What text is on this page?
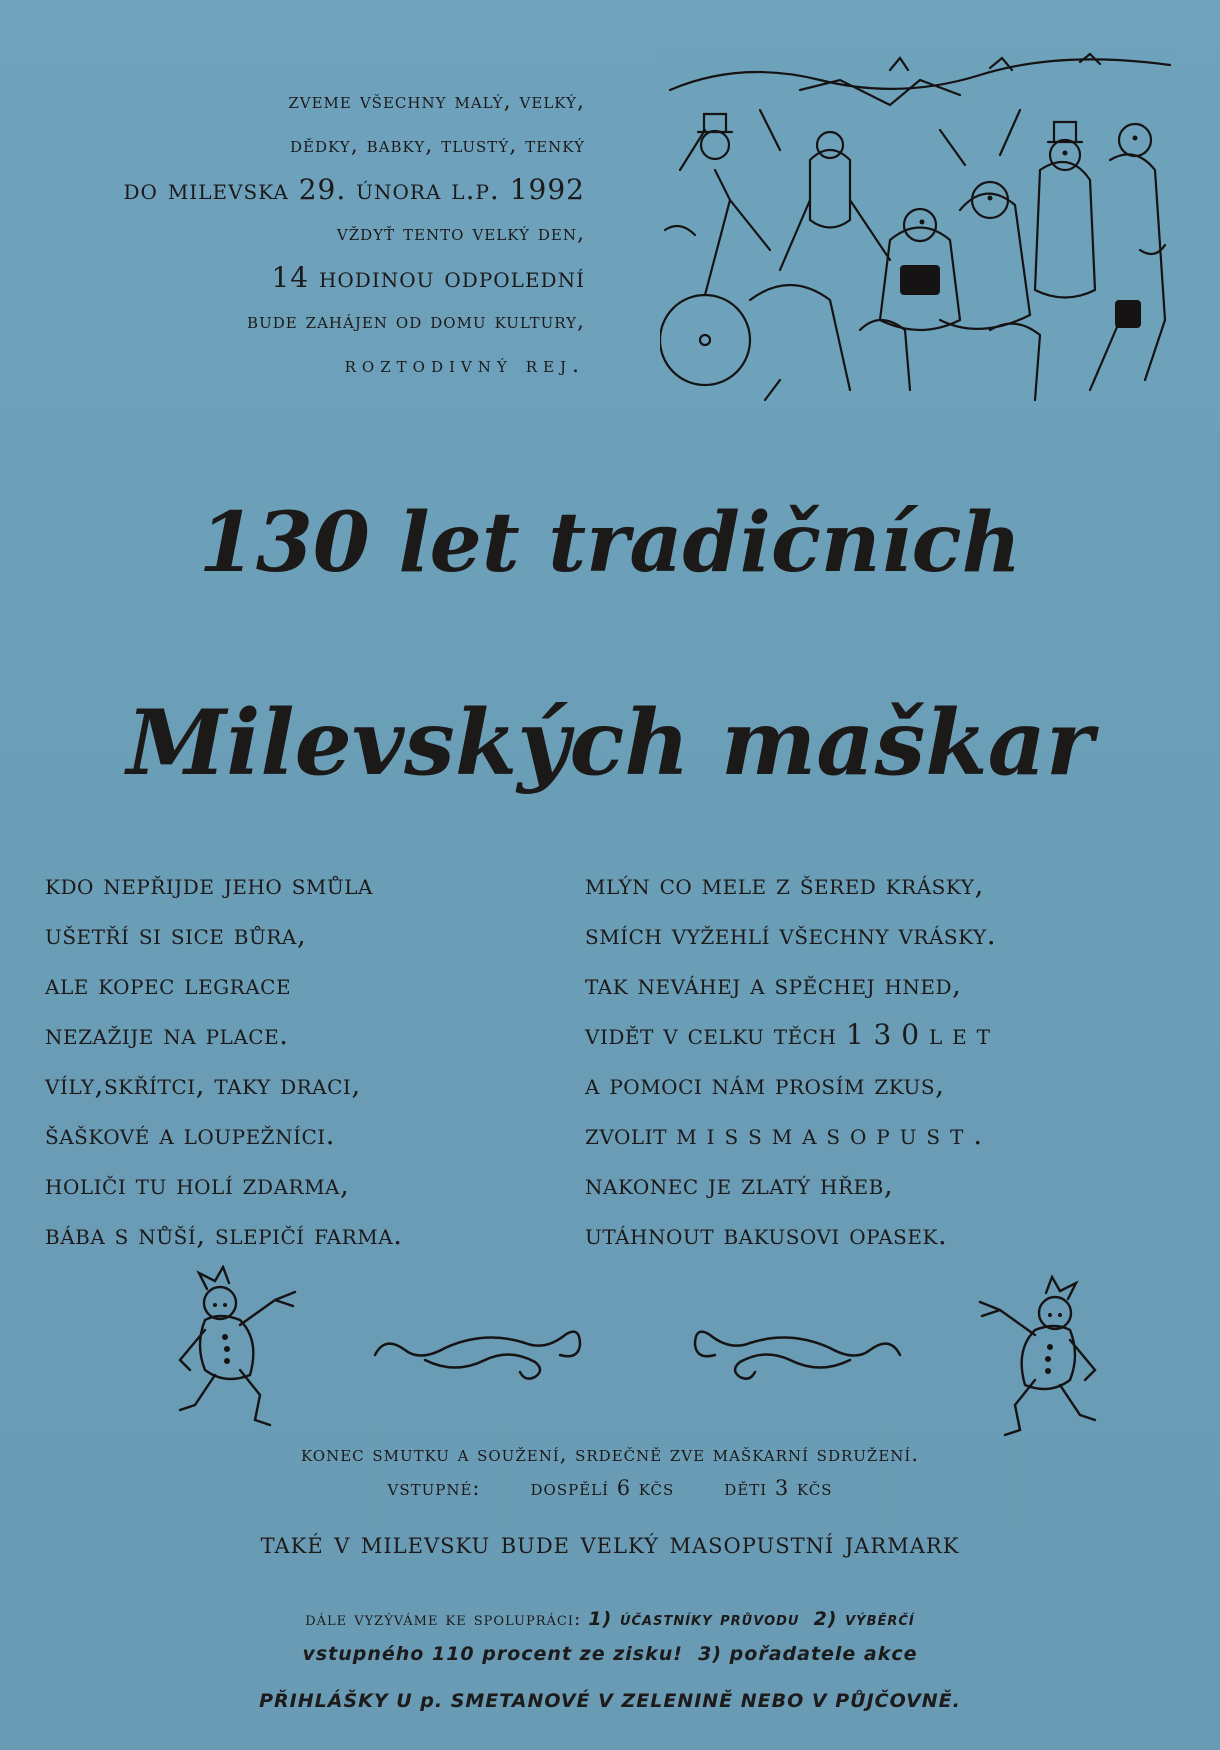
zveme všechny malý, velký,
dědky, babky, tlustý, tenký
do milevska 29. února l.p. 1992
vždyť tento velký den,
14 hodinou odpolední
bude zahájen od domu kultury,
roztodivný rej.
130 let tradičních
Milevských maškar
kdo nepřijde jeho smůla
ušetří si sice bůra,
ale kopec legrace
nezažije na place.
víly,skřítci, taky draci,
šaškové a loupežníci.
holiči tu holí zdarma,
bába s nůší, slepičí farma.
mlýn co mele z šered krásky,
smích vyžehlí všechny vrásky.
tak neváhej a spěchej hned,
vidět v celku těch 1 3 0 l e t
a pomoci nám prosím zkus,
zvolit m i s s m a s o p u s t .
nakonec je zlatý hřeb,
utáhnout bakusovi opasek.
konec smutku a soužení, srdečně zve maškarní sdružení.
vstupné: dospělí 6 kčs děti 3 kčs
také v milevsku bude velký masopustní jarmark
dále vyzýváme ke spolupráci: 1) účastníky průvodu 2) výběrčí
vstupného 110 procent ze zisku! 3) pořadatele akce
PŘIHLÁŠKY U p. SMETANOVÉ V ZELENINĚ NEBO V PŮJČOVNĚ.
